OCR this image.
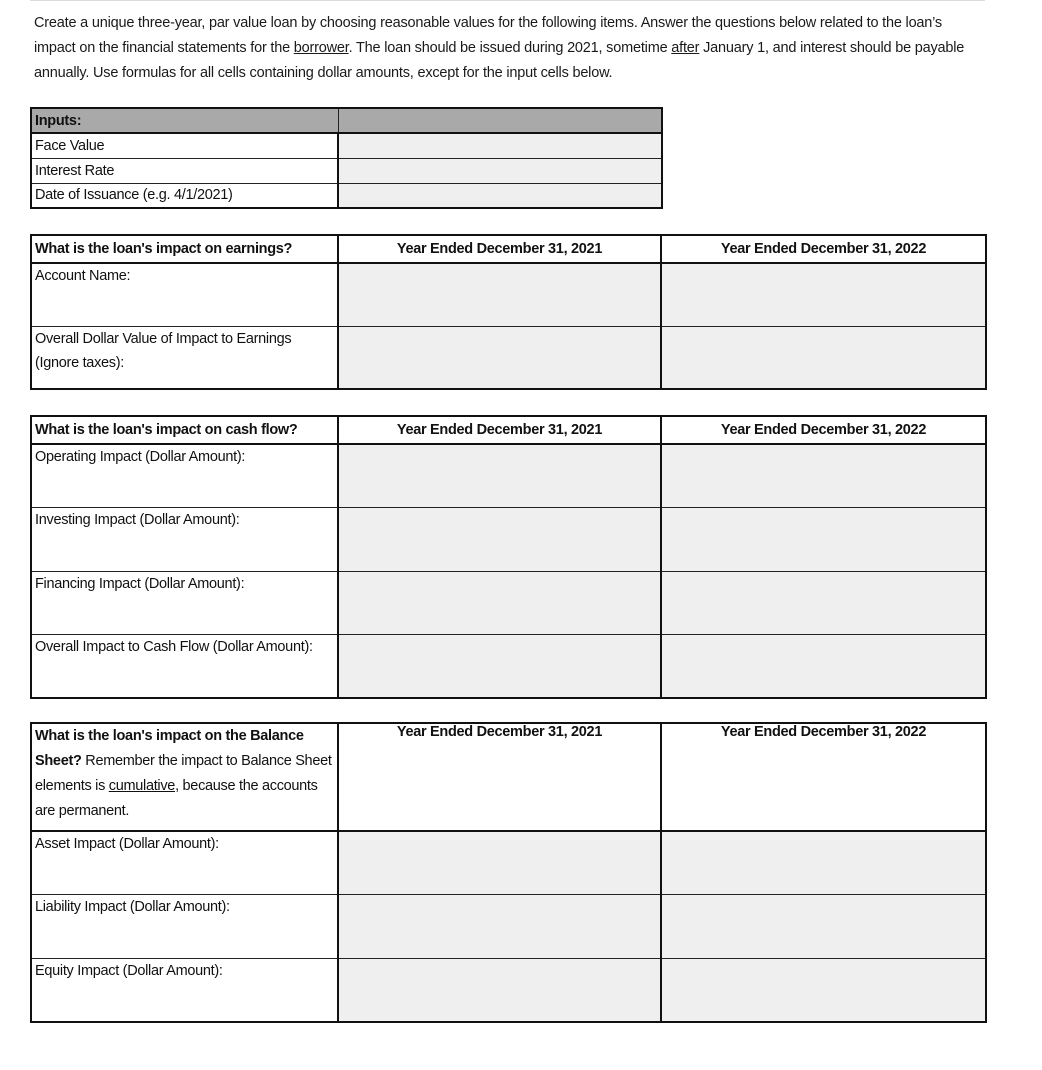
Create a unique three-year, par value loan by choosing reasonable values for the following items. Answer the questions below related to the loan’s impact on the financial statements for the borrower. The loan should be issued during 2021, sometime after January 1, and interest should be payable annually. Use formulas for all cells containing dollar amounts, except for the input cells below.
Inputs:	
Face Value	
Interest Rate	
Date of Issuance (e.g. 4/1/2021)	
What is the loan's impact on earnings?	Year Ended December 31, 2021	Year Ended December 31, 2022
Account Name:		
Overall Dollar Value of Impact to Earnings (Ignore taxes):		
What is the loan's impact on cash flow?	Year Ended December 31, 2021	Year Ended December 31, 2022
Operating Impact (Dollar Amount):		
Investing Impact (Dollar Amount):		
Financing Impact (Dollar Amount):		
Overall Impact to Cash Flow (Dollar Amount):		
What is the loan's impact on the Balance Sheet? Remember the impact to Balance Sheet elements is cumulative, because the accounts are permanent.	Year Ended December 31, 2021	Year Ended December 31, 2022
Asset Impact (Dollar Amount):		
Liability Impact (Dollar Amount):		
Equity Impact (Dollar Amount):		
